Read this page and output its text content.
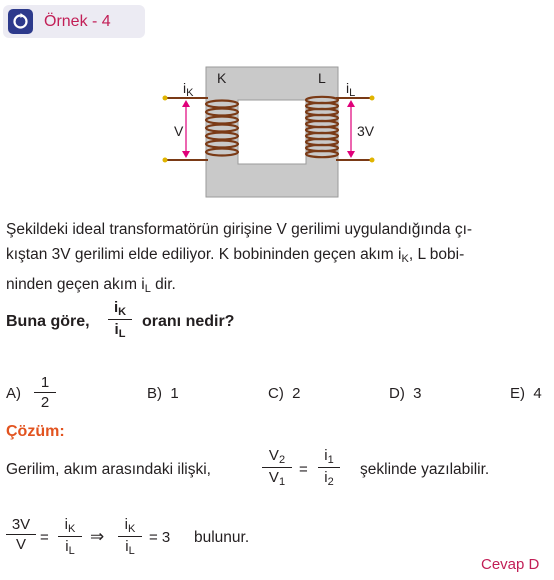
Örnek - 4
K	L
$i_K$	$i_L$
V	3V
Şekildeki ideal transformatörün girişine V gerilimi uygulandığında çı-
kıştan 3V gerilimi elde ediliyor. K bobininden geçen akım $i_K$, L bobi-
ninden geçen akım $i_L$ dir.
Buna göre,
$i_K$
$i_L$
oranı nedir?
A)
1
2
B)  1	C)  2	D)  3	E)  4
Çözüm:
Gerilim, akım arasındaki ilişki,
$V_2$
$V_1$
=
$i_1$
$i_2$
şeklinde yazılabilir.
3V
V =
$i_K$
$i_L$
⇒
$i_K$
$i_L$
= 3 bulunur.
Cevap D
